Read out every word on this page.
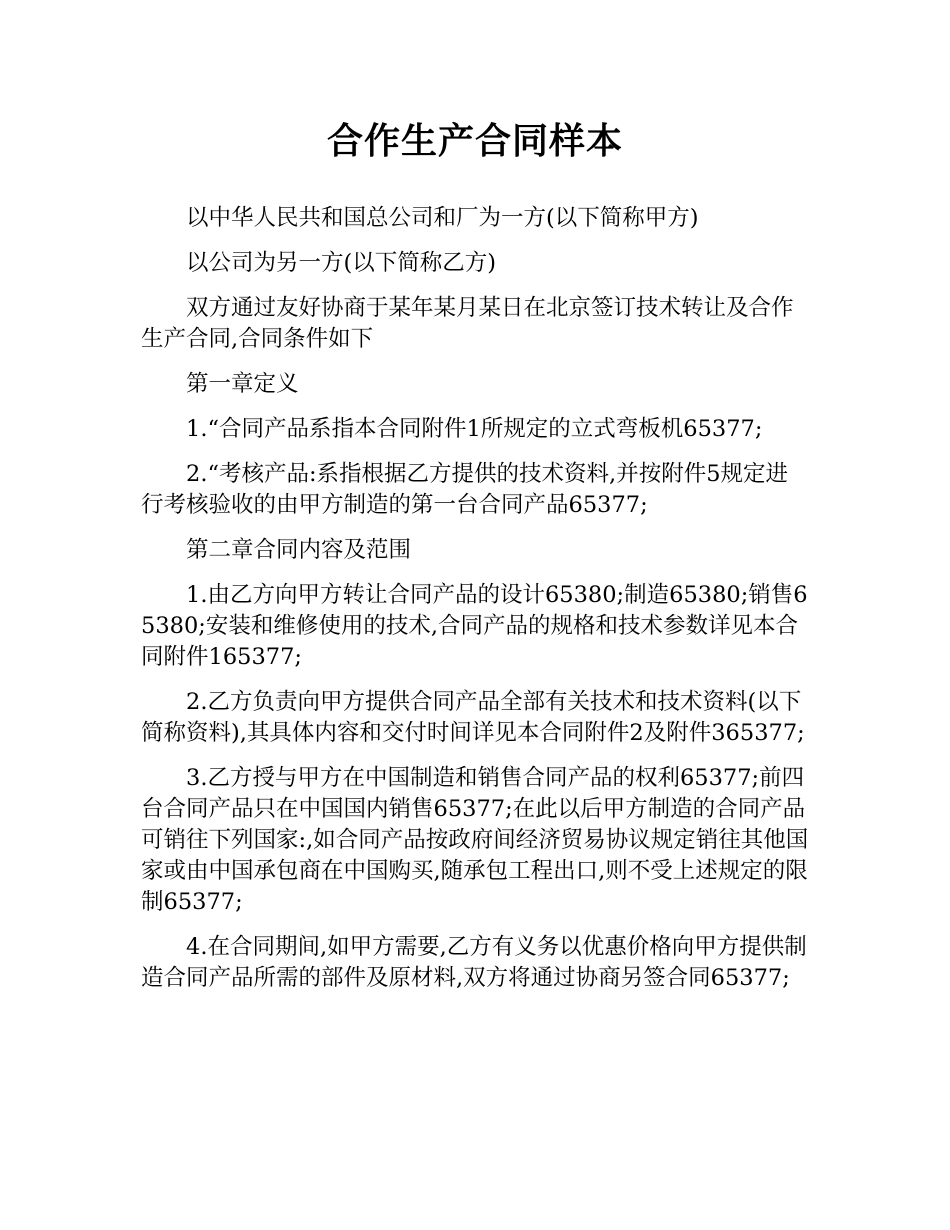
合作生产合同样本

以中华人民共和国总公司和厂为一方(以下简称甲方)

以公司为另一方(以下简称乙方)

双方通过友好协商于某年某月某日在北京签订技术转让及合作生产合同,合同条件如下

第一章定义

1.“合同产品系指本合同附件1所规定的立式弯板机65377;

2.“考核产品:系指根据乙方提供的技术资料,并按附件5规定进行考核验收的由甲方制造的第一台合同产品65377;

第二章合同内容及范围

1.由乙方向甲方转让合同产品的设计65380;制造65380;销售65380;安装和维修使用的技术,合同产品的规格和技术参数详见本合同附件165377;

2.乙方负责向甲方提供合同产品全部有关技术和技术资料(以下简称资料),其具体内容和交付时间详见本合同附件2及附件365377;

3.乙方授与甲方在中国制造和销售合同产品的权利65377;前四台合同产品只在中国国内销售65377;在此以后甲方制造的合同产品可销往下列国家:,如合同产品按政府间经济贸易协议规定销往其他国家或由中国承包商在中国购买,随承包工程出口,则不受上述规定的限制65377;

4.在合同期间,如甲方需要,乙方有义务以优惠价格向甲方提供制造合同产品所需的部件及原材料,双方将通过协商另签合同65377;
